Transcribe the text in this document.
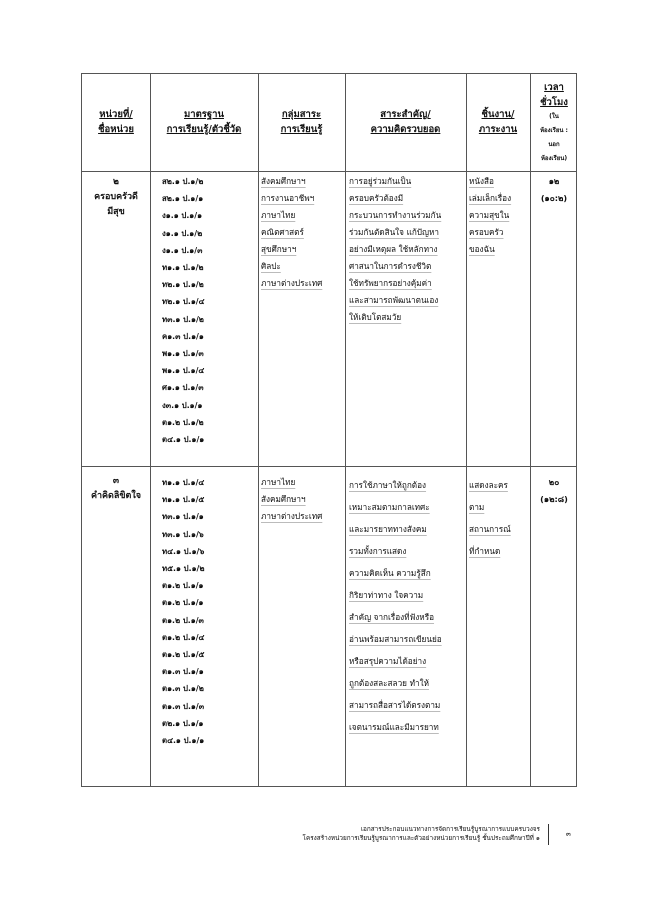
หน่วยที่/
ชื่อหน่วย
มาตรฐาน
การเรียนรู้/ตัวชี้วัด
กลุ่มสาระ
การเรียนรู้
สาระสำคัญ/
ความคิดรวบยอด
ชิ้นงาน/
ภาระงาน
เวลา
ชั่วโมง
(ใน
ห้องเรียน :
นอก
ห้องเรียน)
๒
ครอบครัวดี
มีสุข
ส๒.๑ ป.๑/๒
ส๒.๑ ป.๑/๑
ง๑.๑ ป.๑/๑
ง๑.๑ ป.๑/๒
ง๑.๑ ป.๑/๓
ท๑.๑ ป.๑/๒
ท๒.๑ ป.๑/๒
ท๒.๑ ป.๑/๔
ท๓.๑ ป.๑/๒
ค๑.๓ ป.๑/๑
พ๑.๑ ป.๑/๓
พ๑.๑ ป.๑/๔
ศ๑.๑ ป.๑/๓
ง๓.๑ ป.๑/๑
ต๑.๒ ป.๑/๒
ต๔.๑ ป.๑/๑
สังคมศึกษาฯ
การงานอาชีพฯ
ภาษาไทย
คณิตศาสตร์
สุขศึกษาฯ
ศิลปะ
ภาษาต่างประเทศ
การอยู่ร่วมกันเป็น
ครอบครัวต้องมี
กระบวนการทำงานร่วมกัน
ร่วมกันตัดสินใจ แก้ปัญหา
อย่างมีเหตุผล ใช้หลักทาง
ศาสนาในการดำรงชีวิต
ใช้ทรัพยากรอย่างคุ้มค่า
และสามารถพัฒนาตนเอง
ให้เติบโตสมวัย
หนังสือ
เล่มเล็กเรื่อง
ความสุขใน
ครอบครัว
ของฉัน
๑๒
(๑๐:๒)
๓
คำคิดลิขิตใจ
ท๑.๑ ป.๑/๔
ท๑.๑ ป.๑/๕
ท๓.๑ ป.๑/๑
ท๓.๑ ป.๑/๖
ท๔.๑ ป.๑/๖
ท๕.๑ ป.๑/๒
ต๑.๒ ป.๑/๑
ต๑.๒ ป.๑/๑
ต๑.๒ ป.๑/๓
ต๑.๒ ป.๑/๔
ต๑.๒ ป.๑/๕
ต๑.๓ ป.๑/๑
ต๑.๓ ป.๑/๒
ต๑.๓ ป.๑/๓
ต๒.๑ ป.๑/๑
ต๔.๑ ป.๑/๑
ภาษาไทย
สังคมศึกษาฯ
ภาษาต่างประเทศ
การใช้ภาษาให้ถูกต้อง
เหมาะสมตามกาลเทศะ
และมารยาททางสังคม
รวมทั้งการแสดง
ความคิดเห็น ความรู้สึก
กิริยาท่าทาง ใจความ
สำคัญ จากเรื่องที่ฟังหรือ
อ่านพร้อมสามารถเขียนย่อ
หรือสรุปความได้อย่าง
ถูกต้องสละสลวย ทำให้
สามารถสื่อสารได้ตรงตาม
เจตนารมณ์และมีมารยาท
แสดงละคร
ตาม
สถานการณ์
ที่กำหนด
๒๐
(๑๒:๘)
เอกสารประกอบแนวทางการจัดการเรียนรู้บูรณาการแบบครบวงจร
โครงสร้างหน่วยการเรียนรู้บูรณาการและตัวอย่างหน่วยการเรียนรู้ ชั้นประถมศึกษาปีที่ ๑	๓
